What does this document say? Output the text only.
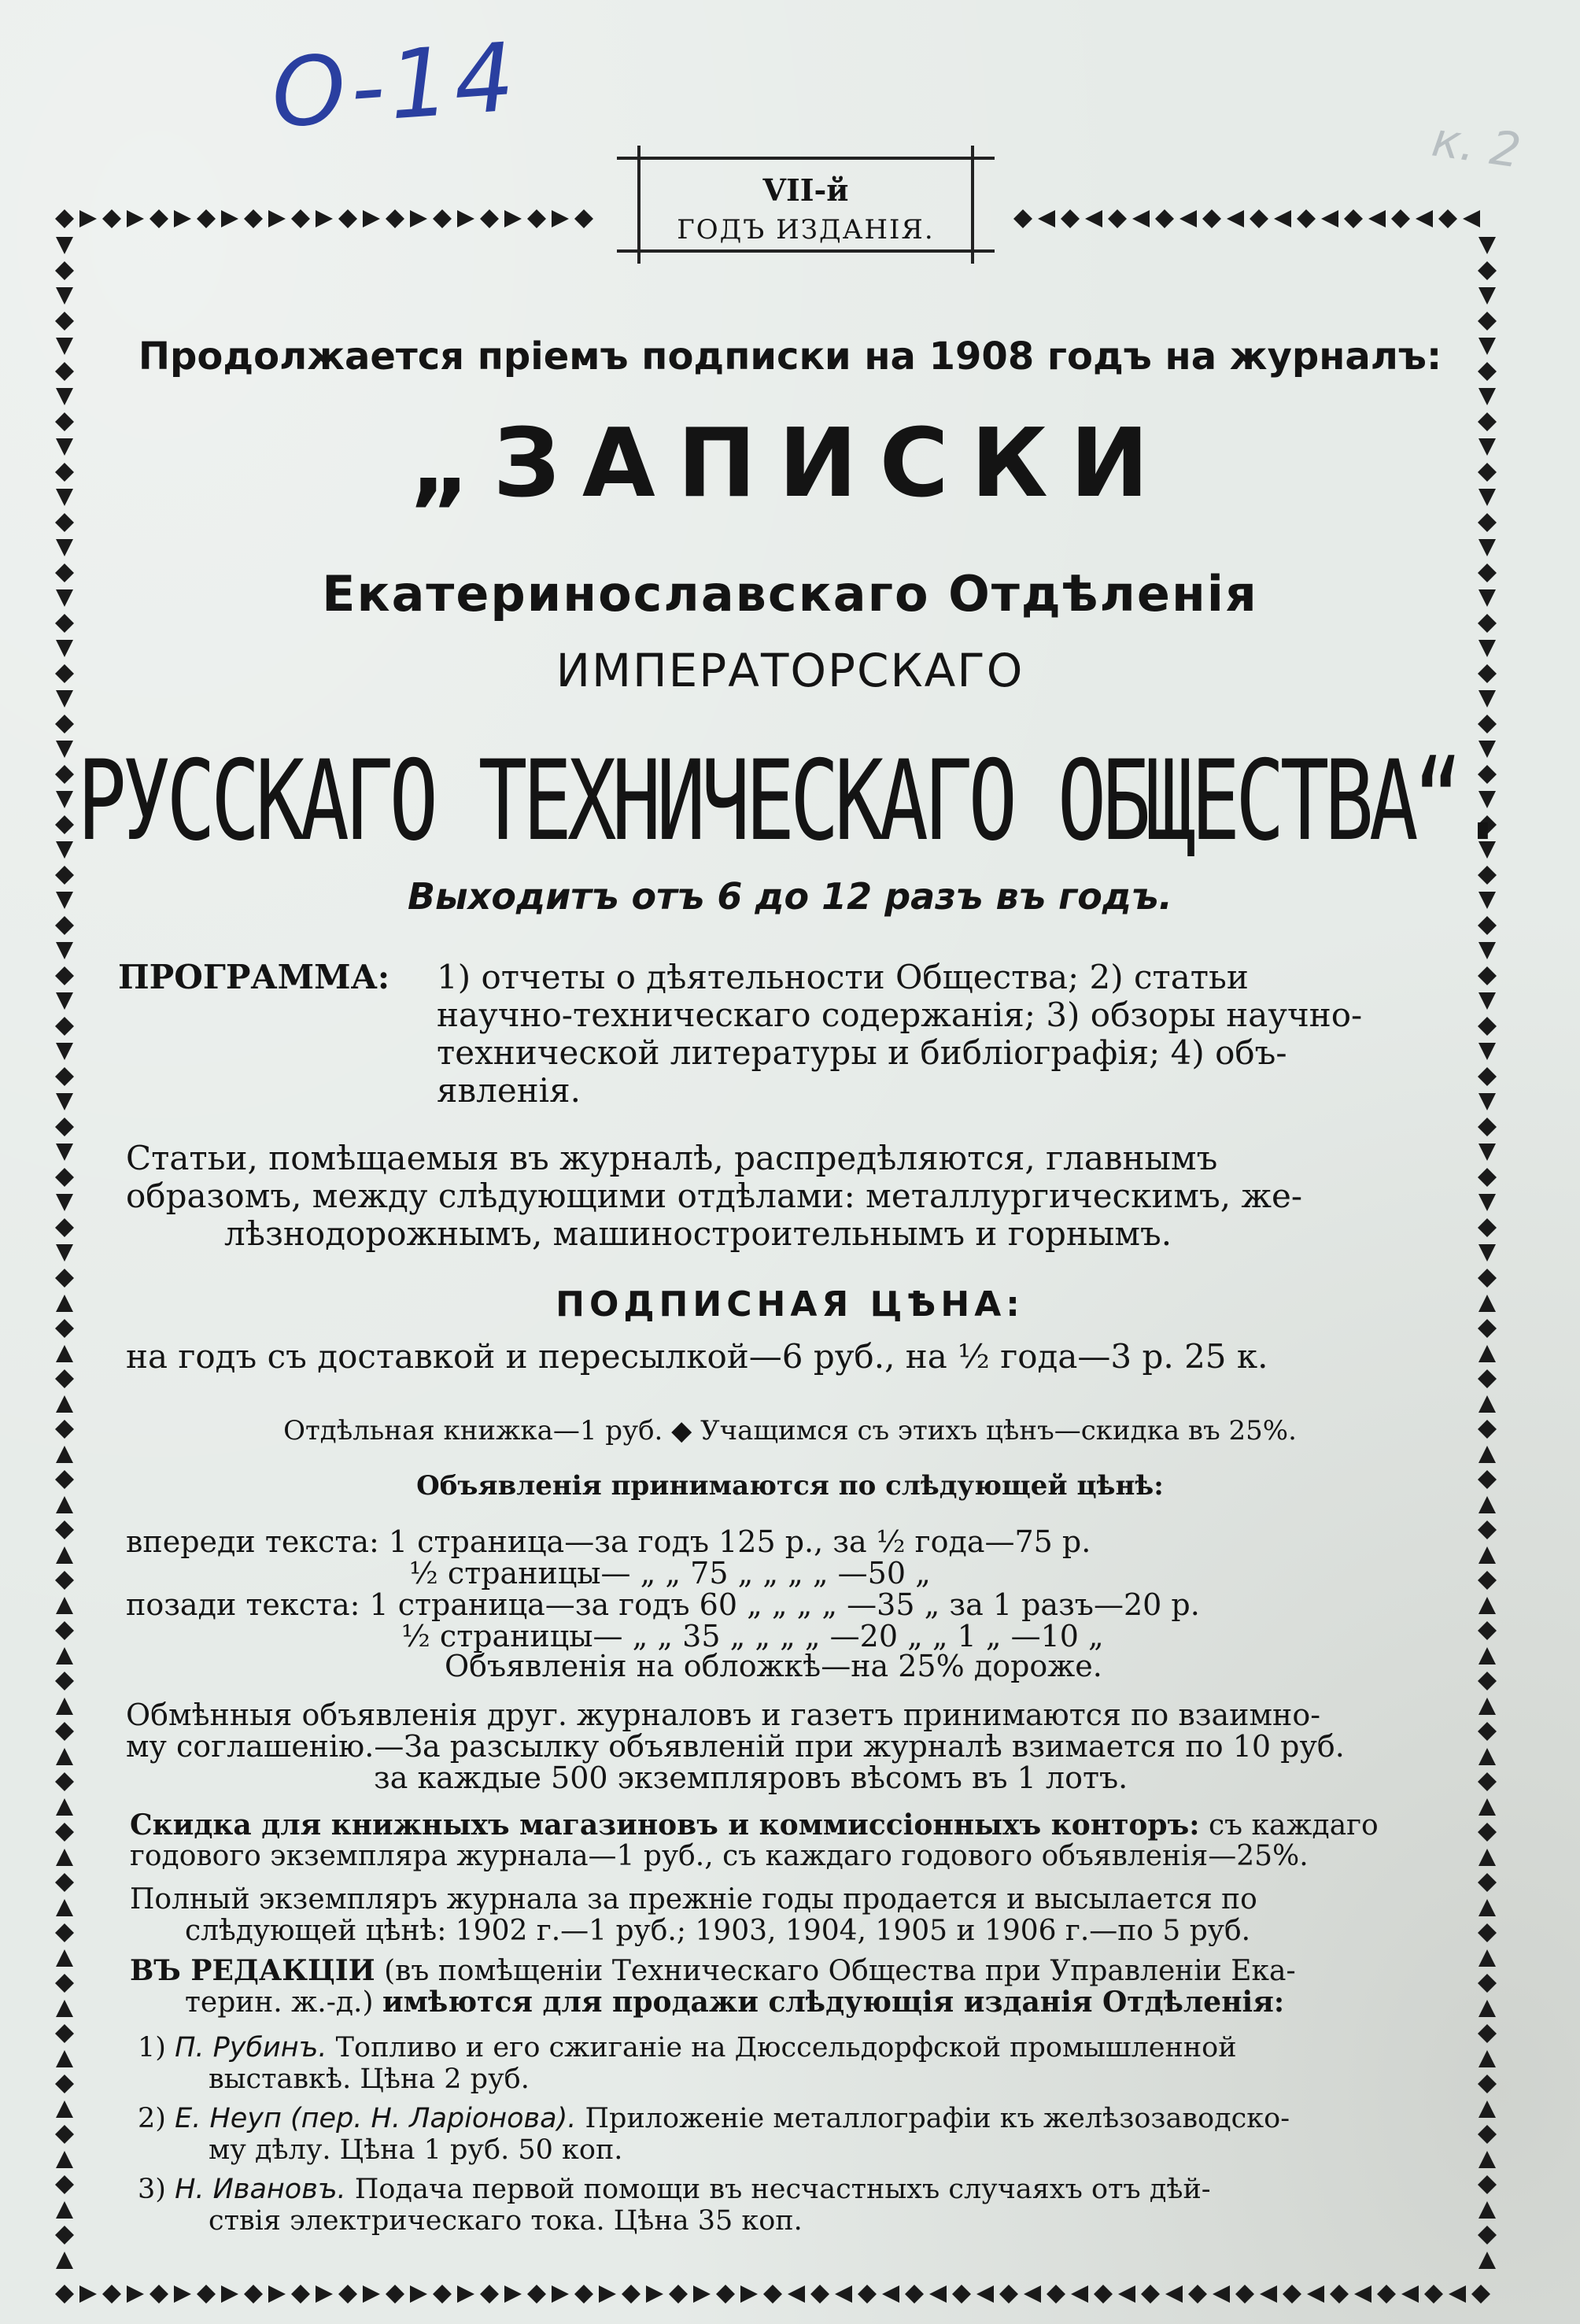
О-14	к. 2
VII-й
ГОДЪ ИЗДАНІЯ.
Продолжается пріемъ подписки на 1908 годъ на журналъ:
„ЗАПИСКИ
Екатеринославскаго Отдѣленія
ИМПЕРАТОРСКАГО
РУССКАГО ТЕХНИЧЕСКАГО ОБЩЕСТВА“.
Выходитъ отъ 6 до 12 разъ въ годъ.
ПРОГРАММА: 1) отчеты о дѣятельности Общества; 2) статьи
научно-техническаго содержанія; 3) обзоры научно-
технической литературы и библіографія; 4) объ-
явленія.
Статьи, помѣщаемыя въ журналѣ, распредѣляются, главнымъ
образомъ, между слѣдующими отдѣлами: металлургическимъ, же-
лѣзнодорожнымъ, машиностроительнымъ и горнымъ.
ПОДПИСНАЯ ЦѢНА:
на годъ съ доставкой и пересылкой—6 руб., на ½ года—3 р. 25 к.
Отдѣльная книжка—1 руб. ◆ Учащимся съ этихъ цѣнъ—скидка въ 25%.
Объявленія принимаются по слѣдующей цѣнѣ:
впереди текста: 1 страница—за годъ 125 р., за ½ года—75 р.
½ страницы— „ „ 75 „ „ „ „ —50 „
позади текста: 1 страница—за годъ 60 „ „ „ „ —35 „ за 1 разъ—20 р.
½ страницы— „ „ 35 „ „ „ „ —20 „ „ 1 „ —10 „
Объявленія на обложкѣ—на 25% дороже.
Обмѣнныя объявленія друг. журналовъ и газетъ принимаются по взаимно-
му соглашенію.—За разсылку объявленій при журналѣ взимается по 10 руб.
за каждые 500 экземпляровъ вѣсомъ въ 1 лотъ.
Скидка для книжныхъ магазиновъ и коммиссіонныхъ конторъ: съ каждаго
годового экземпляра журнала—1 руб., съ каждаго годового объявленія—25%.
Полный экземпляръ журнала за прежніе годы продается и высылается по
слѣдующей цѣнѣ: 1902 г.—1 руб.; 1903, 1904, 1905 и 1906 г.—по 5 руб.
ВЪ РЕДАКЦІИ (въ помѣщеніи Техническаго Общества при Управленіи Ека-
терин. ж.-д.) имѣются для продажи слѣдующія изданія Отдѣленія:
1) П. Рубинъ. Топливо и его сжиганіе на Дюссельдорфской промышленной
выставкѣ. Цѣна 2 руб.
2) Е. Неуп (пер. Н. Ларіонова). Приложеніе металлографіи къ желѣзозаводско-
му дѣлу. Цѣна 1 руб. 50 коп.
3) Н. Ивановъ. Подача первой помощи въ несчастныхъ случаяхъ отъ дѣй-
ствія электрическаго тока. Цѣна 35 коп.
